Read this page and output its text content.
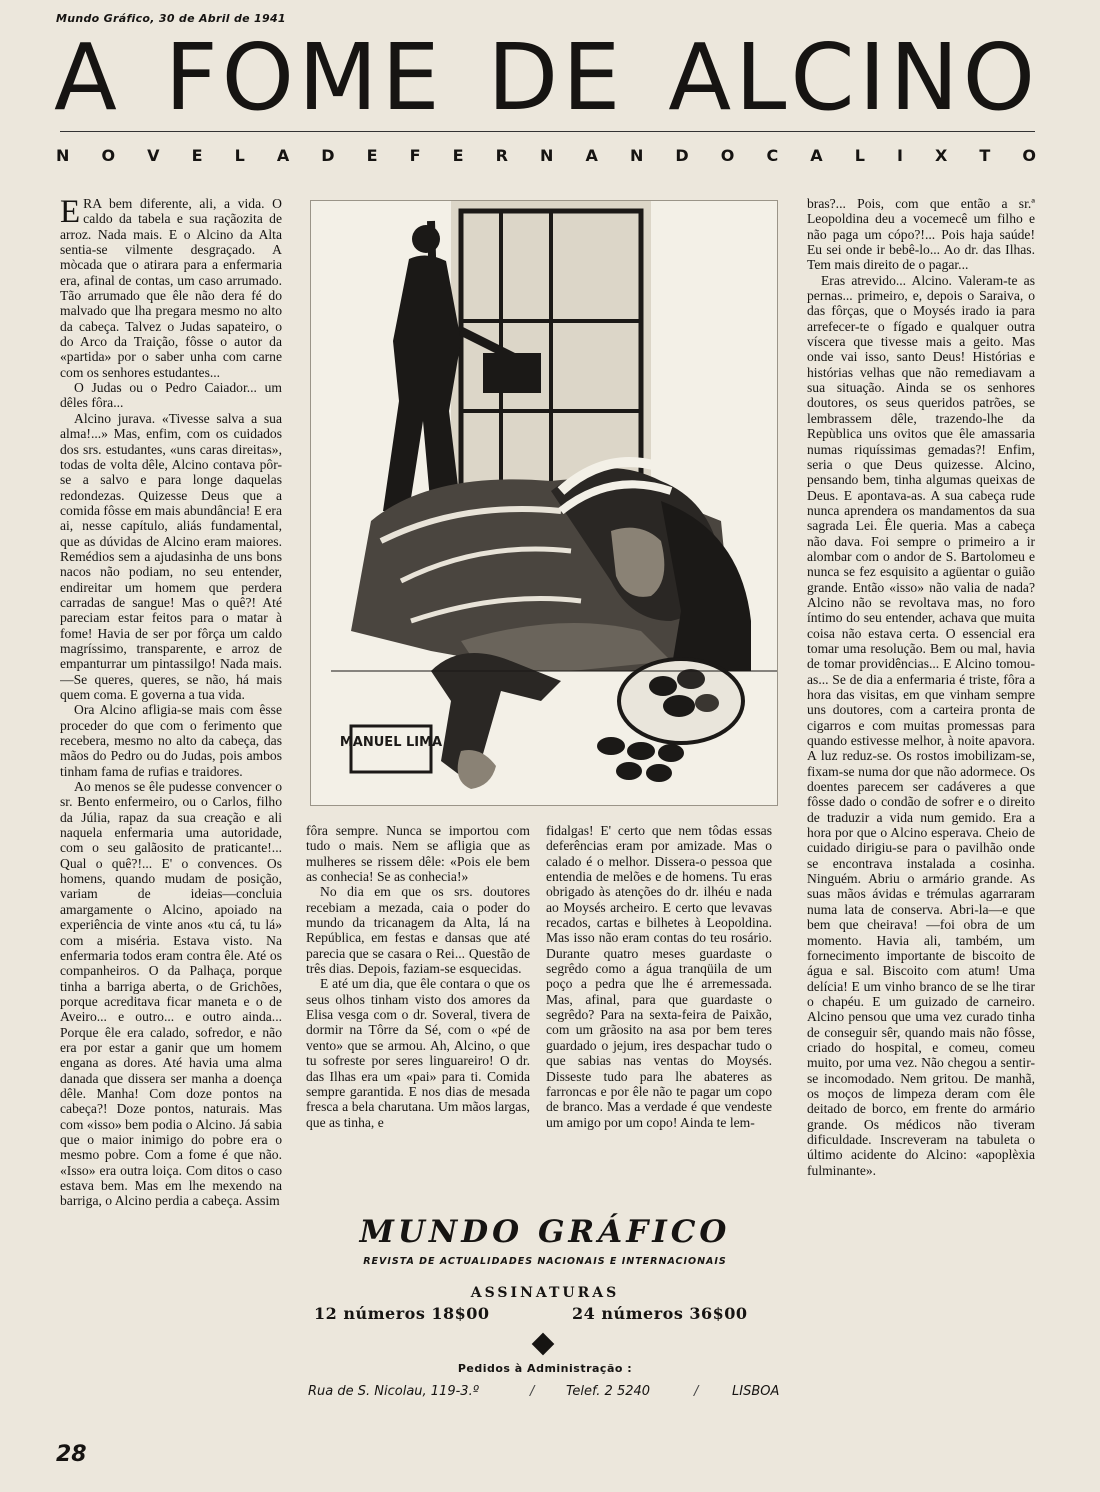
Mundo Gráfico, 30 de Abril de 1941
A FOME DE ALCINO
N O V E L A D E F E R N A N D O C A L I X T O

ERA bem diferente, ali, a vida. O caldo da tabela e sua raçãozita de arroz. Nada mais. E o Alcino da Alta sentia-se vilmente desgraçado. A mòcada que o atirara para a enfermaria era, afinal de contas, um caso arrumado. Tão arrumado que êle não dera fé do malvado que lha pregara mesmo no alto da cabeça. Talvez o Judas sapateiro, o do Arco da Traição, fôsse o autor da «partida» por o saber unha com carne com os senhores estudantes...

O Judas ou o Pedro Caiador... um dêles fôra...

Alcino jurava. «Tivesse salva a sua alma!...» Mas, enfim, com os cuidados dos srs. estudantes, «uns caras direitas», todas de volta dêle, Alcino contava pôr-se a salvo e para longe daquelas redondezas. Quizesse Deus que a comida fôsse em mais abundância! E era ai, nesse capítulo, aliás fundamental, que as dúvidas de Alcino eram maiores. Remédios sem a ajudasinha de uns bons nacos não podiam, no seu entender, endireitar um homem que perdera carradas de sangue! Mas o quê?! Até pareciam estar feitos para o matar à fome! Havia de ser por fôrça um caldo magríssimo, transparente, e arroz de empanturrar um pintassilgo! Nada mais. —Se queres, queres, se não, há mais quem coma. E governa a tua vida.

Ora Alcino afligia-se mais com êsse proceder do que com o ferimento que recebera, mesmo no alto da cabeça, das mãos do Pedro ou do Judas, pois ambos tinham fama de rufias e traidores.

Ao menos se êle pudesse convencer o sr. Bento enfermeiro, ou o Carlos, filho da Júlia, rapaz da sua creação e ali naquela enfermaria uma autoridade, com o seu galãosito de praticante!... Qual o quê?!... E' o convences. Os homens, quando mudam de posição, variam de ideias—concluia amargamente o Alcino, apoiado na experiência de vinte anos «tu cá, tu lá» com a miséria. Estava visto. Na enfermaria todos eram contra êle. Até os companheiros. O da Palhaça, porque tinha a barriga aberta, o de Grichões, porque acreditava ficar maneta e o de Aveiro... e outro... e outro ainda... Porque êle era calado, sofredor, e não era por estar a ganir que um homem engana as dores. Até havia uma alma danada que dissera ser manha a doença dêle. Manha! Com doze pontos na cabeça?! Doze pontos, naturais. Mas com «isso» bem podia o Alcino. Já sabia que o maior inimigo do pobre era o mesmo pobre. Com a fome é que não. «Isso» era outra loiça. Com ditos o caso estava bem. Mas em lhe mexendo na barriga, o Alcino perdia a cabeça. Assim

MANUEL LIMA

fôra sempre. Nunca se importou com tudo o mais. Nem se afligia que as mulheres se rissem dêle: «Pois ele bem as conhecia! Se as conhecia!»

No dia em que os srs. doutores recebiam a mezada, caia o poder do mundo da tricanagem da Alta, lá na República, em festas e dansas que até parecia que se casara o Rei... Questão de três dias. Depois, faziam-se esquecidas.

E até um dia, que êle contara o que os seus olhos tinham visto dos amores da Elisa vesga com o dr. Soveral, tivera de dormir na Tôrre da Sé, com o «pé de vento» que se armou. Ah, Alcino, o que tu sofreste por seres linguareiro! O dr. das Ilhas era um «pai» para ti. Comida sempre garantida. E nos dias de mesada fresca a bela charutana. Um mãos largas, que as tinha, e

fidalgas! E' certo que nem tôdas essas deferências eram por amizade. Mas o calado é o melhor. Dissera-o pessoa que entendia de melões e de homens. Tu eras obrigado às atenções do dr. ilhéu e nada ao Moysés archeiro. E certo que levavas recados, cartas e bilhetes à Leopoldina. Mas isso não eram contas do teu rosário. Durante quatro meses guardaste o segrêdo como a água tranqüila de um poço a pedra que lhe é arremessada. Mas, afinal, para que guardaste o segrêdo? Para na sexta-feira de Paixão, com um grãosito na asa por bem teres guardado o jejum, ires despachar tudo o que sabias nas ventas do Moysés. Disseste tudo para lhe abateres as farroncas e por êle não te pagar um copo de branco. Mas a verdade é que vendeste um amigo por um copo! Ainda te lem-

bras?... Pois, com que então a sr.ª Leopoldina deu a vocemecê um filho e não paga um cópo?!... Pois haja saúde! Eu sei onde ir bebê-lo... Ao dr. das Ilhas. Tem mais direito de o pagar...

Eras atrevido... Alcino. Valeram-te as pernas... primeiro, e, depois o Saraiva, o das fôrças, que o Moysés irado ia para arrefecer-te o fígado e qualquer outra víscera que tivesse mais a geito. Mas onde vai isso, santo Deus! Histórias e histórias velhas que não remediavam a sua situação. Ainda se os senhores doutores, os seus queridos patrões, se lembrassem dêle, trazendo-lhe da Repùblica uns ovitos que êle amassaria numas riquíssimas gemadas?! Enfim, seria o que Deus quizesse. Alcino, pensando bem, tinha algumas queixas de Deus. E apontava-as. A sua cabeça rude nunca aprendera os mandamentos da sua sagrada Lei. Êle queria. Mas a cabeça não dava. Foi sempre o primeiro a ir alombar com o andor de S. Bartolomeu e nunca se fez esquisito a agüentar o guião grande. Então «isso» não valia de nada? Alcino não se revoltava mas, no foro íntimo do seu entender, achava que muita coisa não estava certa. O essencial era tomar uma resolução. Bem ou mal, havia de tomar providências... E Alcino tomou-as... Se de dia a enfermaria é triste, fôra a hora das visitas, em que vinham sempre uns doutores, com a carteira pronta de cigarros e com muitas promessas para quando estivesse melhor, à noite apavora. A luz reduz-se. Os rostos imobilizam-se, fixam-se numa dor que não adormece. Os doentes parecem ser cadáveres a que fôsse dado o condão de sofrer e o direito de traduzir a vida num gemido. Era a hora por que o Alcino esperava. Cheio de cuidado dirigiu-se para o pavilhão onde se encontrava instalada a cosinha. Ninguém. Abriu o armário grande. As suas mãos ávidas e trémulas agarraram numa lata de conserva. Abri-la—e que bem que cheirava! —foi obra de um momento. Havia ali, também, um fornecimento importante de biscoito de água e sal. Biscoito com atum! Uma delícia! E um vinho branco de se lhe tirar o chapéu. E um guizado de carneiro. Alcino pensou que uma vez curado tinha de conseguir sêr, quando mais não fôsse, criado do hospital, e comeu, comeu muito, por uma vez. Não chegou a sentir-se incomodado. Nem gritou. De manhã, os moços de limpeza deram com êle deitado de borco, em frente do armário grande. Os médicos não tiveram dificuldade. Inscreveram na tabuleta o último acidente do Alcino: «apoplèxia fulminante».

MUNDO GRÁFICO
REVISTA DE ACTUALIDADES NACIONAIS E INTERNACIONAIS
ASSINATURAS
12 números 18$00	24 números 36$00
Pedidos à Administração :
Rua de S. Nicolau, 119-3.º	/ Telef. 2 5240	/	LISBOA
28
